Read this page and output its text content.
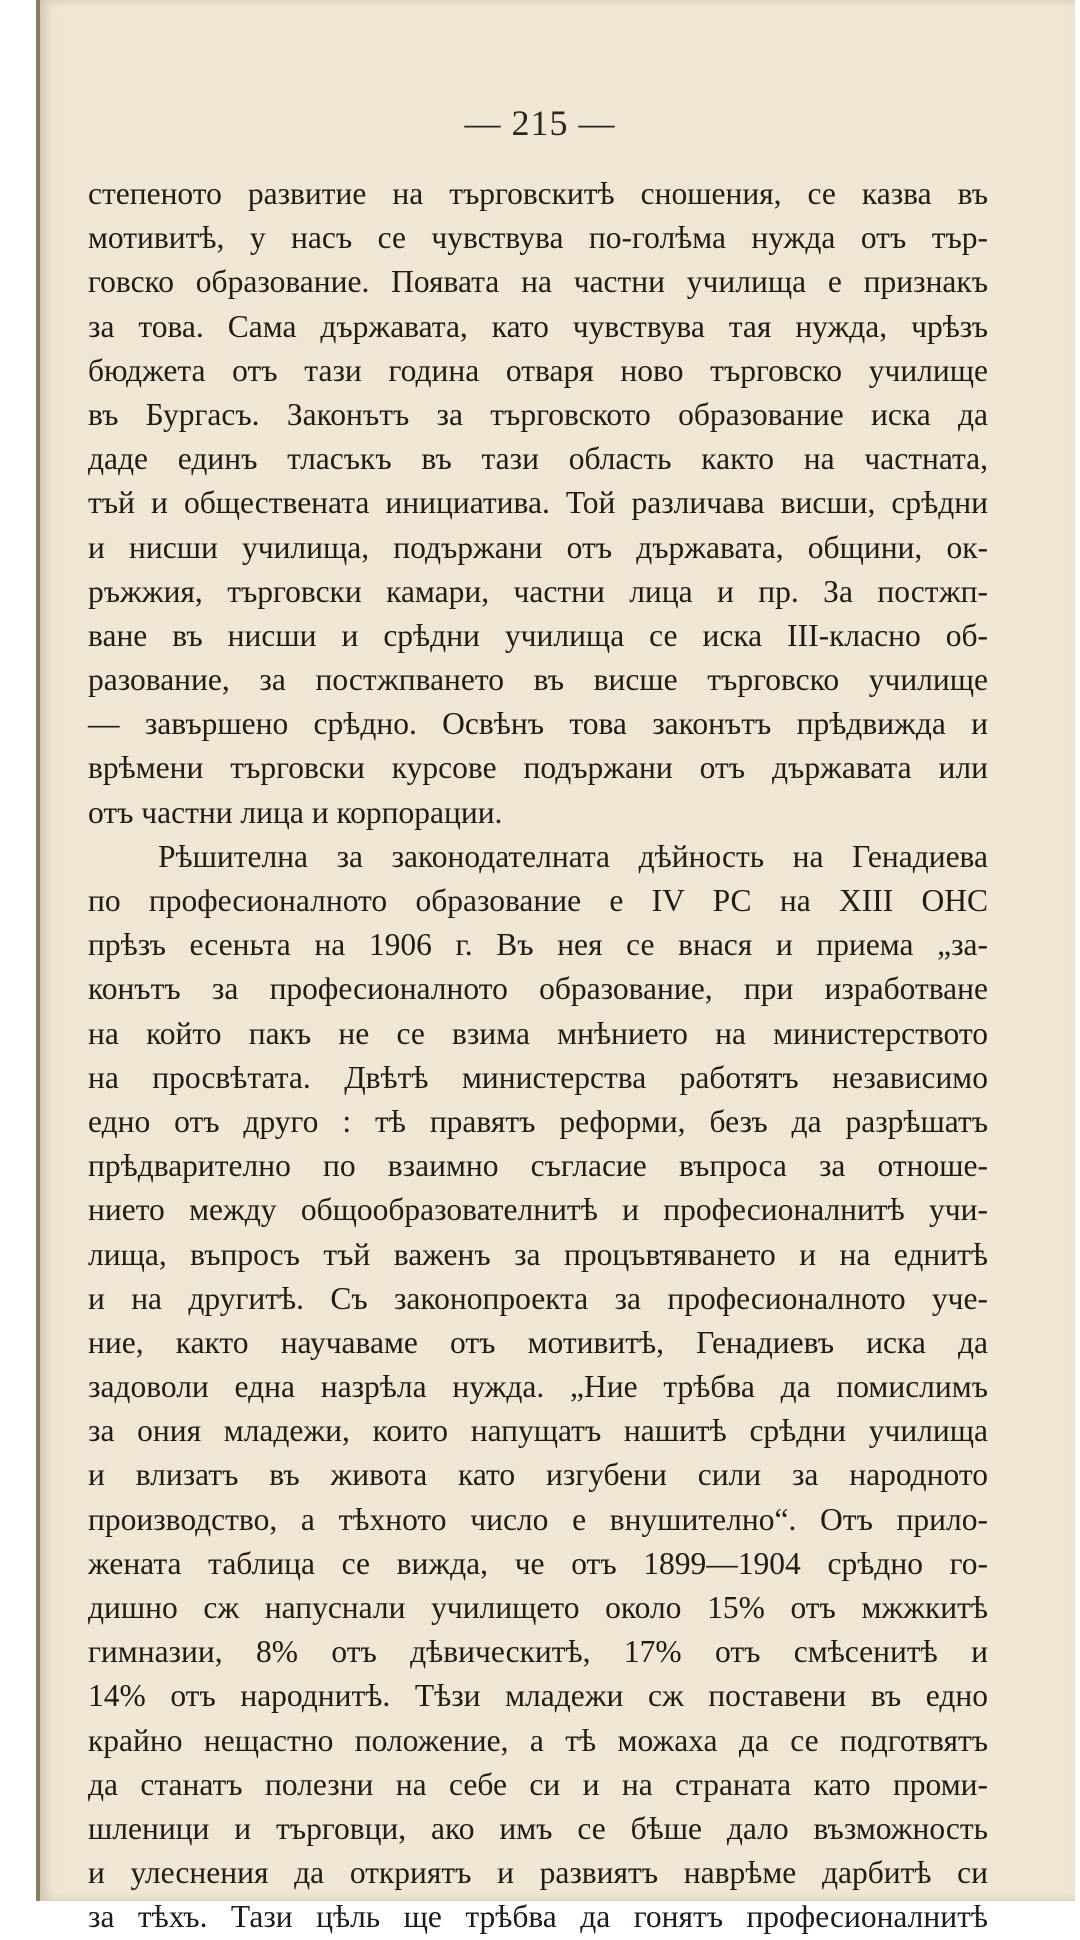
— 215 —
степеното развитие на търговскитѣ сношения, се казва въ
мотивитѣ, у насъ се чувствува по-голѣма нужда отъ тър-
говско образование. Появата на частни училища е признакъ
за това. Сама държавата, като чувствува тая нужда, чрѣзъ
бюджета отъ тази година отваря ново търговско училище
въ Бургасъ. Законътъ за търговското образование иска да
даде единъ тласъкъ въ тази область както на частната,
тъй и обществената инициатива. Той различава висши, срѣдни
и нисши училища, подържани отъ държавата, общини, ок-
ръжжия, търговски камари, частни лица и пр. За постжп-
ване въ нисши и срѣдни училища се иска III-класно об-
разование, за постжпването въ висше търговско училище
— завършено срѣдно. Освѣнъ това законътъ прѣдвижда и
врѣмени търговски курсове подържани отъ държавата или
отъ частни лица и корпорации.
Рѣшителна за законодателната дѣйность на Генадиева
по професионалното образование е IV РС на XIII ОНС
прѣзъ есеньта на 1906 г. Въ нея се внася и приема „за-
конътъ за професионалното образование, при изработване
на който пакъ не се взима мнѣнието на министерството
на просвѣтата. Двѣтѣ министерства работятъ независимо
едно отъ друго : тѣ правятъ реформи, безъ да разрѣшатъ
прѣдварително по взаимно съгласие въпроса за отноше-
нието между общообразователнитѣ и професионалнитѣ учи-
лища, въпросъ тъй важенъ за процъвтяването и на еднитѣ
и на другитѣ. Съ законопроекта за професионалното уче-
ние, както научаваме отъ мотивитѣ, Генадиевъ иска да
задоволи една назрѣла нужда. „Ние трѣбва да помислимъ
за ония младежи, които напущатъ нашитѣ срѣдни училища
и влизатъ въ живота като изгубени сили за народното
производство, а тѣхното число е внушително“. Отъ прило-
жената таблица се вижда, че отъ 1899—1904 срѣдно го-
дишно сж напуснали училището около 15% отъ мжжкитѣ
гимназии, 8% отъ дѣвическитѣ, 17% отъ смѣсенитѣ и
14% отъ народнитѣ. Тѣзи младежи сж поставени въ едно
крайно нещастно положение, а тѣ можаха да се подготвятъ
да станатъ полезни на себе си и на страната като проми-
шленици и търговци, ако имъ се бѣше дало възможность
и улеснения да откриятъ и развиятъ наврѣме дарбитѣ си
за тѣхъ. Тази цѣль ще трѣбва да гонятъ професионалнитѣ
